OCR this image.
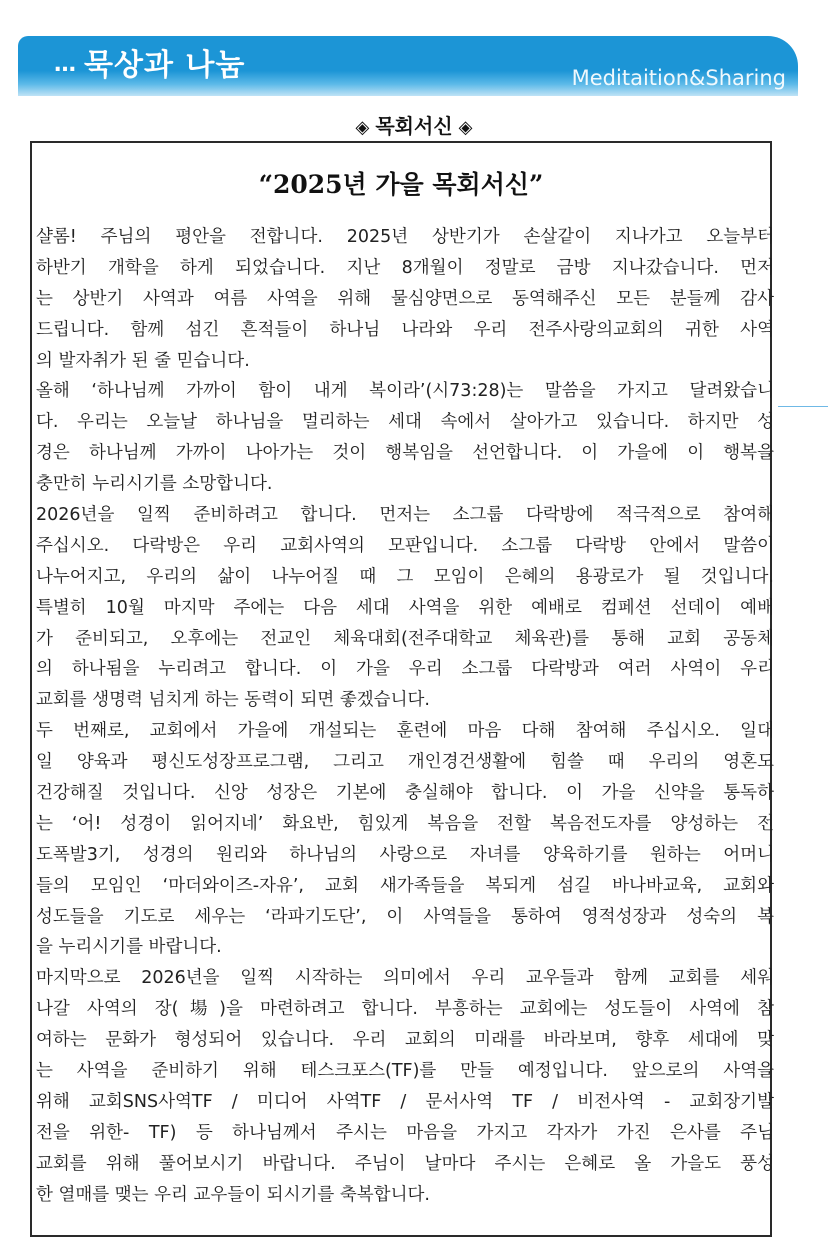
… 묵상과 나눔	Meditaition&Sharing
◈ 목회서신 ◈
“2025년 가을 목회서신”
샬롬! 주님의 평안을 전합니다. 2025년 상반기가 손살같이 지나가고 오늘부터
하반기 개학을 하게 되었습니다. 지난 8개월이 정말로 금방 지나갔습니다. 먼저
는 상반기 사역과 여름 사역을 위해 물심양면으로 동역해주신 모든 분들께 감사
드립니다. 함께 섬긴 흔적들이 하나님 나라와 우리 전주사랑의교회의 귀한 사역
의 발자취가 된 줄 믿습니다.
올해 ‘하나님께 가까이 함이 내게 복이라’(시73:28)는 말씀을 가지고 달려왔습니
다. 우리는 오늘날 하나님을 멀리하는 세대 속에서 살아가고 있습니다. 하지만 성
경은 하나님께 가까이 나아가는 것이 행복임을 선언합니다. 이 가을에 이 행복을
충만히 누리시기를 소망합니다.
2026년을 일찍 준비하려고 합니다. 먼저는 소그룹 다락방에 적극적으로 참여해
주십시오. 다락방은 우리 교회사역의 모판입니다. 소그룹 다락방 안에서 말씀이
나누어지고, 우리의 삶이 나누어질 때 그 모임이 은혜의 용광로가 될 것입니다.
특별히 10월 마지막 주에는 다음 세대 사역을 위한 예배로 컴페션 선데이 예배
가 준비되고, 오후에는 전교인 체육대회(전주대학교 체육관)를 통해 교회 공동체
의 하나됨을 누리려고 합니다. 이 가을 우리 소그룹 다락방과 여러 사역이 우리
교회를 생명력 넘치게 하는 동력이 되면 좋겠습니다.
두 번째로, 교회에서 가을에 개설되는 훈련에 마음 다해 참여해 주십시오. 일대
일 양육과 평신도성장프로그램, 그리고 개인경건생활에 힘쓸 때 우리의 영혼도
건강해질 것입니다. 신앙 성장은 기본에 충실해야 합니다. 이 가을 신약을 통독하
는 ‘어! 성경이 읽어지네’ 화요반, 힘있게 복음을 전할 복음전도자를 양성하는 전
도폭발3기, 성경의 원리와 하나님의 사랑으로 자녀를 양육하기를 원하는 어머니
들의 모임인 ‘마더와이즈-자유’, 교회 새가족들을 복되게 섬길 바나바교육, 교회와
성도들을 기도로 세우는 ‘라파기도단’, 이 사역들을 통하여 영적성장과 성숙의 복
을 누리시기를 바랍니다.
마지막으로 2026년을 일찍 시작하는 의미에서 우리 교우들과 함께 교회를 세워
나갈 사역의 장(場)을 마련하려고 합니다. 부흥하는 교회에는 성도들이 사역에 참
여하는 문화가 형성되어 있습니다. 우리 교회의 미래를 바라보며, 향후 세대에 맞
는 사역을 준비하기 위해 테스크포스(TF)를 만들 예정입니다. 앞으로의 사역을
위해 교회SNS사역TF / 미디어 사역TF / 문서사역 TF / 비전사역 - 교회장기발
전을 위한- TF) 등 하나님께서 주시는 마음을 가지고 각자가 가진 은사를 주님
교회를 위해 풀어보시기 바랍니다. 주님이 날마다 주시는 은혜로 올 가을도 풍성
한 열매를 맺는 우리 교우들이 되시기를 축복합니다.
